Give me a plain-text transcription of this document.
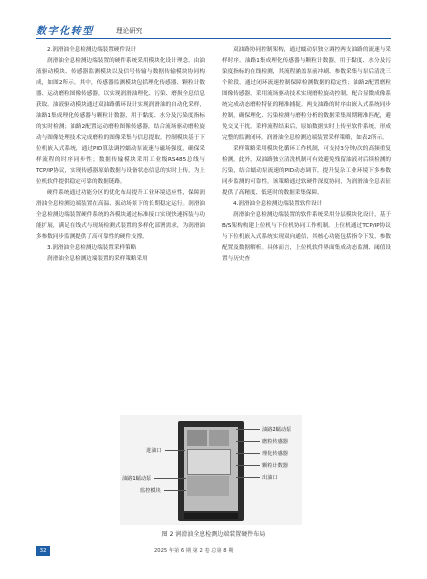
数字化转型	理论研究
2.润滑油全息检测边端装置硬件设计

润滑油全息检测边端装置的硬件系统采用模块化设计理念，由油液驱动模块、传感器监测模块以及信号传输与数据传输模块协同构成，如图2所示。其中，传感器监测模块包括理化传感器、颗粒计数器、运动磨粒图像传感器，以实现润滑油理化、污染、磨损全息信息获取。油液驱动模块通过双油路循环设计实现润滑油的自动化采样，油路1集成理化传感器与颗粒计数器，用于黏度、水分及污染度指标的实时检测；油路2配置运动磨粒图像传感器，结合流场驱动磨粒旋动与图像处理技术完成磨粒的图像采集与信息提取。控制模块基于下位机嵌入式系统，通过PID算法调控蠕动泵流速与磁场强度，确保采样流程的时序同步性；数据传输模块采用工业级RS485总线与TCP/IP协议，实现传感器原始数据与设备状态信息的实时上传，为上位机软件提供稳定可靠的数据链路。

硬件系统通过功能分区的优化布局提升工业环境适应性，保障润滑油全息检测边端装置在高温、振动场景下的长期稳定运行。润滑油全息检测边端装置硬件系统的各模块通过标准接口实现快速拆装与功能扩展，满足在线式与现场检测式装置的多样化部署需求，为润滑油多参数同步监测提供了高可靠性的硬件支撑。

3.润滑油全息检测边端装置采样策略

润滑油全息检测边端装置的采样策略采用

双油路协同控制架构，通过蠕动泵独立调控两支油路的流速与采样时序。油路1集成理化传感器与颗粒计数器，用于黏度、水分及污染度指标的在线检测，其流程涵盖泵前冲刷、参数采集与泵后清洗三个阶段，通过闭环流速控制保障检测数据的稳定性；油路2配置磨粒图像传感器，采用流场驱动技术实现磨粒旋动控制，配合显微成像系统完成动态磨粒特征的精准捕捉。两支油路的时序由嵌入式系统同步控制，确保理化、污染检测与磨粒分析的数据采集周期精准匹配，避免交叉干扰。采样流程结束后，原始数据实时上传至软件系统，形成完整的监测闭环。润滑油全息检测边端装置采样策略，如表2所示。

采样策略采用模块化循环工作机制，可支持3分钟/次的高频重复检测。此外，双油路独立清洗机制可有效避免残留油液对后续检测的污染，结合蠕动泵流速的PID动态调节，提升复杂工业环境下多参数同步监测的可靠性。该策略通过软硬件深度协同，为润滑油全息表征提供了高精度、低延时的数据采集保障。

4.润滑油全息检测边端装置软件设计

润滑油全息检测边端装置的软件系统采用分层模块化设计，基于B/S架构构建上位机与下位机协同工作机制。上位机通过TCP/IP协议与下位机嵌入式系统实现双向通信，其核心功能包括指令下发、参数配置及数据解析。具体而言，上位机软件界面集成动态监测、阈值设置与历史查

进油口
油路1蠕动泵
监控模块
油路2蠕动泵
磨粒传感器
理化传感器
颗粒计数器
出油口
图 2 润滑油全息检测边端装置硬件布局
32	2025 年第 6 期 第 2 卷 总第 8 期
